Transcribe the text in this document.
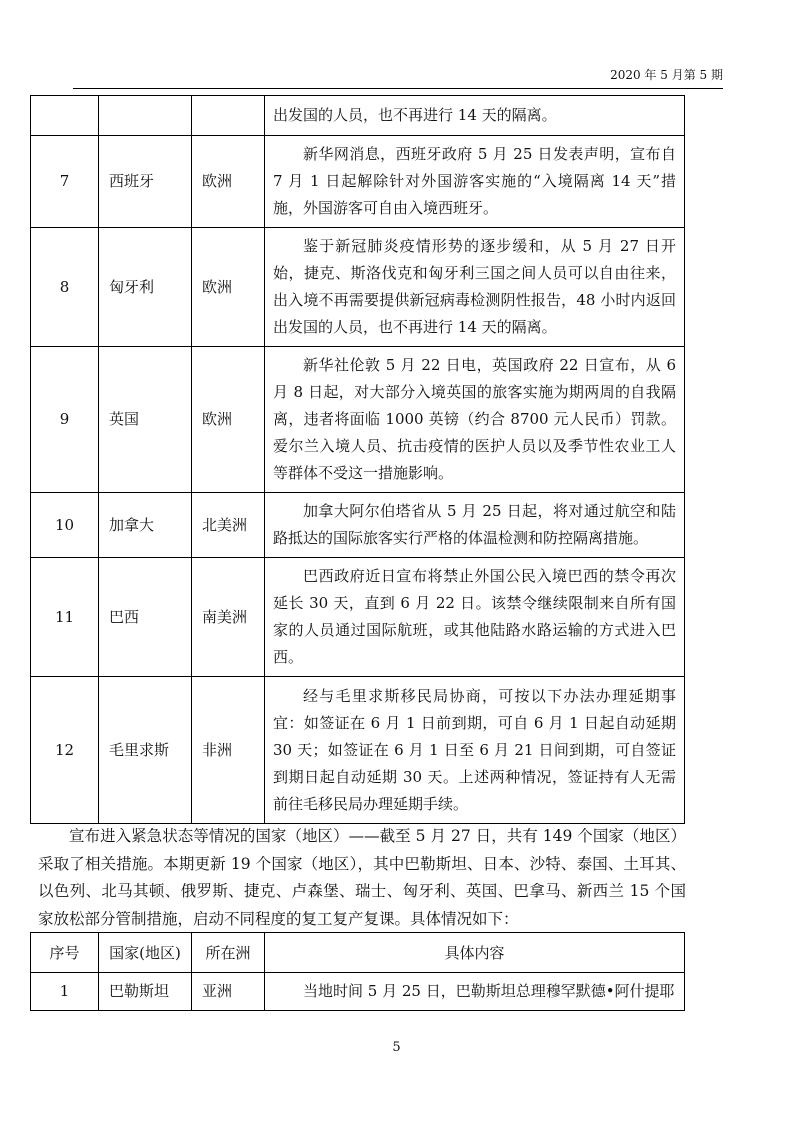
2020 年 5 月第 5 期
			出发国的人员，也不再进行 14 天的隔离。
7	西班牙	欧洲	新华网消息，西班牙政府 5 月 25 日发表声明，宣布自 7 月 1 日起解除针对外国游客实施的“入境隔离 14 天”措施，外国游客可自由入境西班牙。
8	匈牙利	欧洲	鉴于新冠肺炎疫情形势的逐步缓和，从 5 月 27 日开始，捷克、斯洛伐克和匈牙利三国之间人员可以自由往来， 出入境不再需要提供新冠病毒检测阴性报告，48 小时内返回出发国的人员，也不再进行 14 天的隔离。
9	英国	欧洲	新华社伦敦 5 月 22 日电，英国政府 22 日宣布，从 6 月 8 日起，对大部分入境英国的旅客实施为期两周的自我隔离，违者将面临 1000 英镑（约合 8700 元人民币）罚款。爱尔兰入境人员、抗击疫情的医护人员以及季节性农业工人等群体不受这一措施影响。
10	加拿大	北美洲	加拿大阿尔伯塔省从 5 月 25 日起，将对通过航空和陆路抵达的国际旅客实行严格的体温检测和防控隔离措施。
11	巴西	南美洲	巴西政府近日宣布将禁止外国公民入境巴西的禁令再次延长 30 天，直到 6 月 22 日。该禁令继续限制来自所有国家的人员通过国际航班，或其他陆路水路运输的方式进入巴西。
12	毛里求斯	非洲	经与毛里求斯移民局协商，可按以下办法办理延期事宜：如签证在 6 月 1 日前到期，可自 6 月 1 日起自动延期 30 天；如签证在 6 月 1 日至 6 月 21 日间到期，可自签证到期日起自动延期 30 天。上述两种情况，签证持有人无需前往毛移民局办理延期手续。

宣布进入紧急状态等情况的国家（地区）——截至 5 月 27 日，共有 149 个国家（地区）采取了相关措施。本期更新 19 个国家（地区），其中巴勒斯坦、日本、沙特、泰国、土耳其、以色列、北马其顿、俄罗斯、捷克、卢森堡、瑞士、匈牙利、英国、巴拿马、新西兰 15 个国家放松部分管制措施，启动不同程度的复工复产复课。具体情况如下：

序号	国家(地区)	所在洲	具体内容
1	巴勒斯坦	亚洲	当地时间 5 月 25 日，巴勒斯坦总理穆罕默德•阿什提耶
5
